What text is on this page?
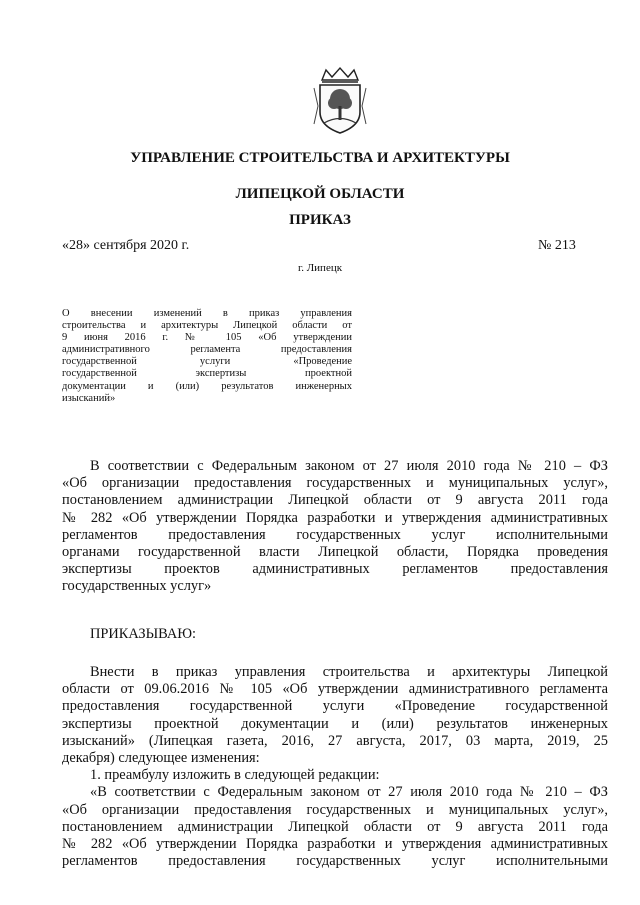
УПРАВЛЕНИЕ СТРОИТЕЛЬСТВА И АРХИТЕКТУРЫ
ЛИПЕЦКОЙ ОБЛАСТИ
ПРИКАЗ
«28» сентября 2020 г.	№ 213
г. Липецк
О внесении изменений в приказ управления
строительства и архитектуры Липецкой области от
9 июня 2016 г. № 105 «Об утверждении
административного регламента предоставления
государственной услуги «Проведение
государственной экспертизы проектной
документации и (или) результатов инженерных
изысканий»
В соответствии с Федеральным законом от 27 июля 2010 года № 210 – ФЗ
«Об организации предоставления государственных и муниципальных услуг»,
постановлением администрации Липецкой области от 9 августа 2011 года
№ 282 «Об утверждении Порядка разработки и утверждения административных
регламентов предоставления государственных услуг исполнительными
органами государственной власти Липецкой области, Порядка проведения
экспертизы проектов административных регламентов предоставления
государственных услуг»
ПРИКАЗЫВАЮ:
Внести в приказ управления строительства и архитектуры Липецкой
области от 09.06.2016 № 105 «Об утверждении административного регламента
предоставления государственной услуги «Проведение государственной
экспертизы проектной документации и (или) результатов инженерных
изысканий» (Липецкая газета, 2016, 27 августа, 2017, 03 марта, 2019, 25
декабря) следующее изменения:
1. преамбулу изложить в следующей редакции:
«В соответствии с Федеральным законом от 27 июля 2010 года № 210 – ФЗ
«Об организации предоставления государственных и муниципальных услуг»,
постановлением администрации Липецкой области от 9 августа 2011 года
№ 282 «Об утверждении Порядка разработки и утверждения административных
регламентов предоставления государственных услуг исполнительными
